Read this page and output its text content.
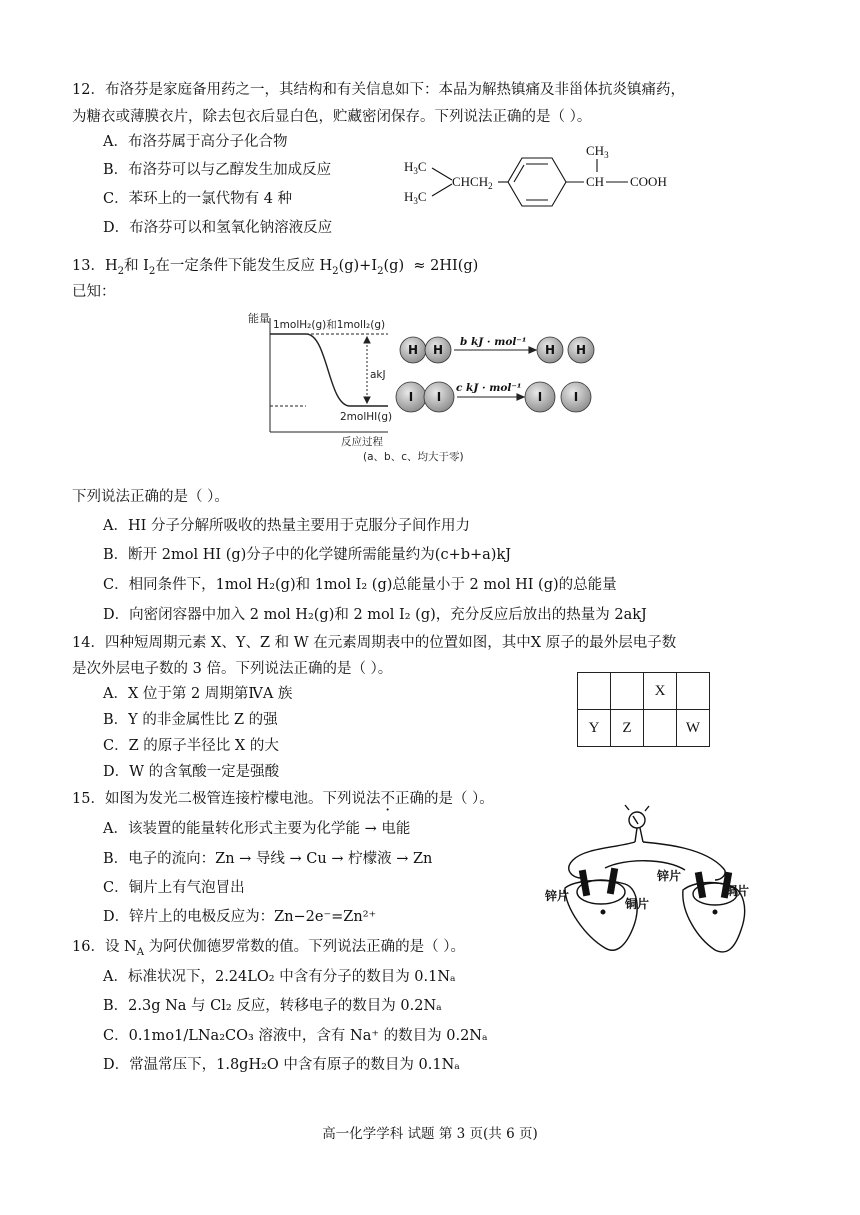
12．布洛芬是家庭备用药之一，其结构和有关信息如下：本品为解热镇痛及非甾体抗炎镇痛药，
为糖衣或薄膜衣片，除去包衣后显白色，贮藏密闭保存。下列说法正确的是（ ）。
A．布洛芬属于高分子化合物
B．布洛芬可以与乙醇发生加成反应
C．苯环上的一氯代物有 4 种
D．布洛芬可以和氢氧化钠溶液反应
$H_3C$
$H_3C$
$CHCH_2$
$CH_3$
CH COOH
13．$H_2$和 $I_2$在一定条件下能发生反应 $H_2(g)+I_2(g) \approx 2HI(g)$
已知：
能量 1molH₂(g)和1molI₂(g)
2molHI(g)
akJ
反应过程
(a、b、c、均大于零)
H H	H H
I I	I	I
b kJ · mol⁻¹
c kJ · mol⁻¹
下列说法正确的是（ ）。
A．HI 分子分解所吸收的热量主要用于克服分子间作用力
B．断开 2mol HI (g)分子中的化学键所需能量约为(c+b+a)kJ
C．相同条件下，1mol H₂(g)和 1mol I₂ (g)总能量小于 2 mol HI (g)的总能量
D．向密闭容器中加入 2 mol H₂(g)和 2 mol I₂ (g)，充分反应后放出的热量为 2akJ
14．四种短周期元素 X、Y、Z 和 W 在元素周期表中的位置如图，其中X 原子的最外层电子数
是次外层电子数的 3 倍。下列说法正确的是（ ）。
A．X 位于第 2 周期第ⅣA 族
B．Y 的非金属性比 Z 的强
C．Z 的原子半径比 X 的大
D．W 的含氧酸一定是强酸
		X	
Y	Z		W
15．如图为发光二极管连接柠檬电池。下列说法不正确的是（ ）。
A．该装置的能量转化形式主要为化学能 → 电能
B．电子的流向：Zn → 导线 → Cu → 柠檬液 → Zn
C．铜片上有气泡冒出
D．锌片上的电极反应为：Zn−2e⁻=Zn²⁺
锌片
铜片
锌片
铜片
16．设 $N_A$ 为阿伏伽德罗常数的值。下列说法正确的是（ ）。
A．标准状况下，2.24LO₂ 中含有分子的数目为 0.1Nₐ
B．2.3g Na 与 Cl₂ 反应，转移电子的数目为 0.2Nₐ
C．0.1mo1/LNa₂CO₃ 溶液中，含有 Na⁺ 的数目为 0.2Nₐ
D．常温常压下，1.8gH₂O 中含有原子的数目为 0.1Nₐ
高一化学学科 试题 第 3 页(共 6 页)
